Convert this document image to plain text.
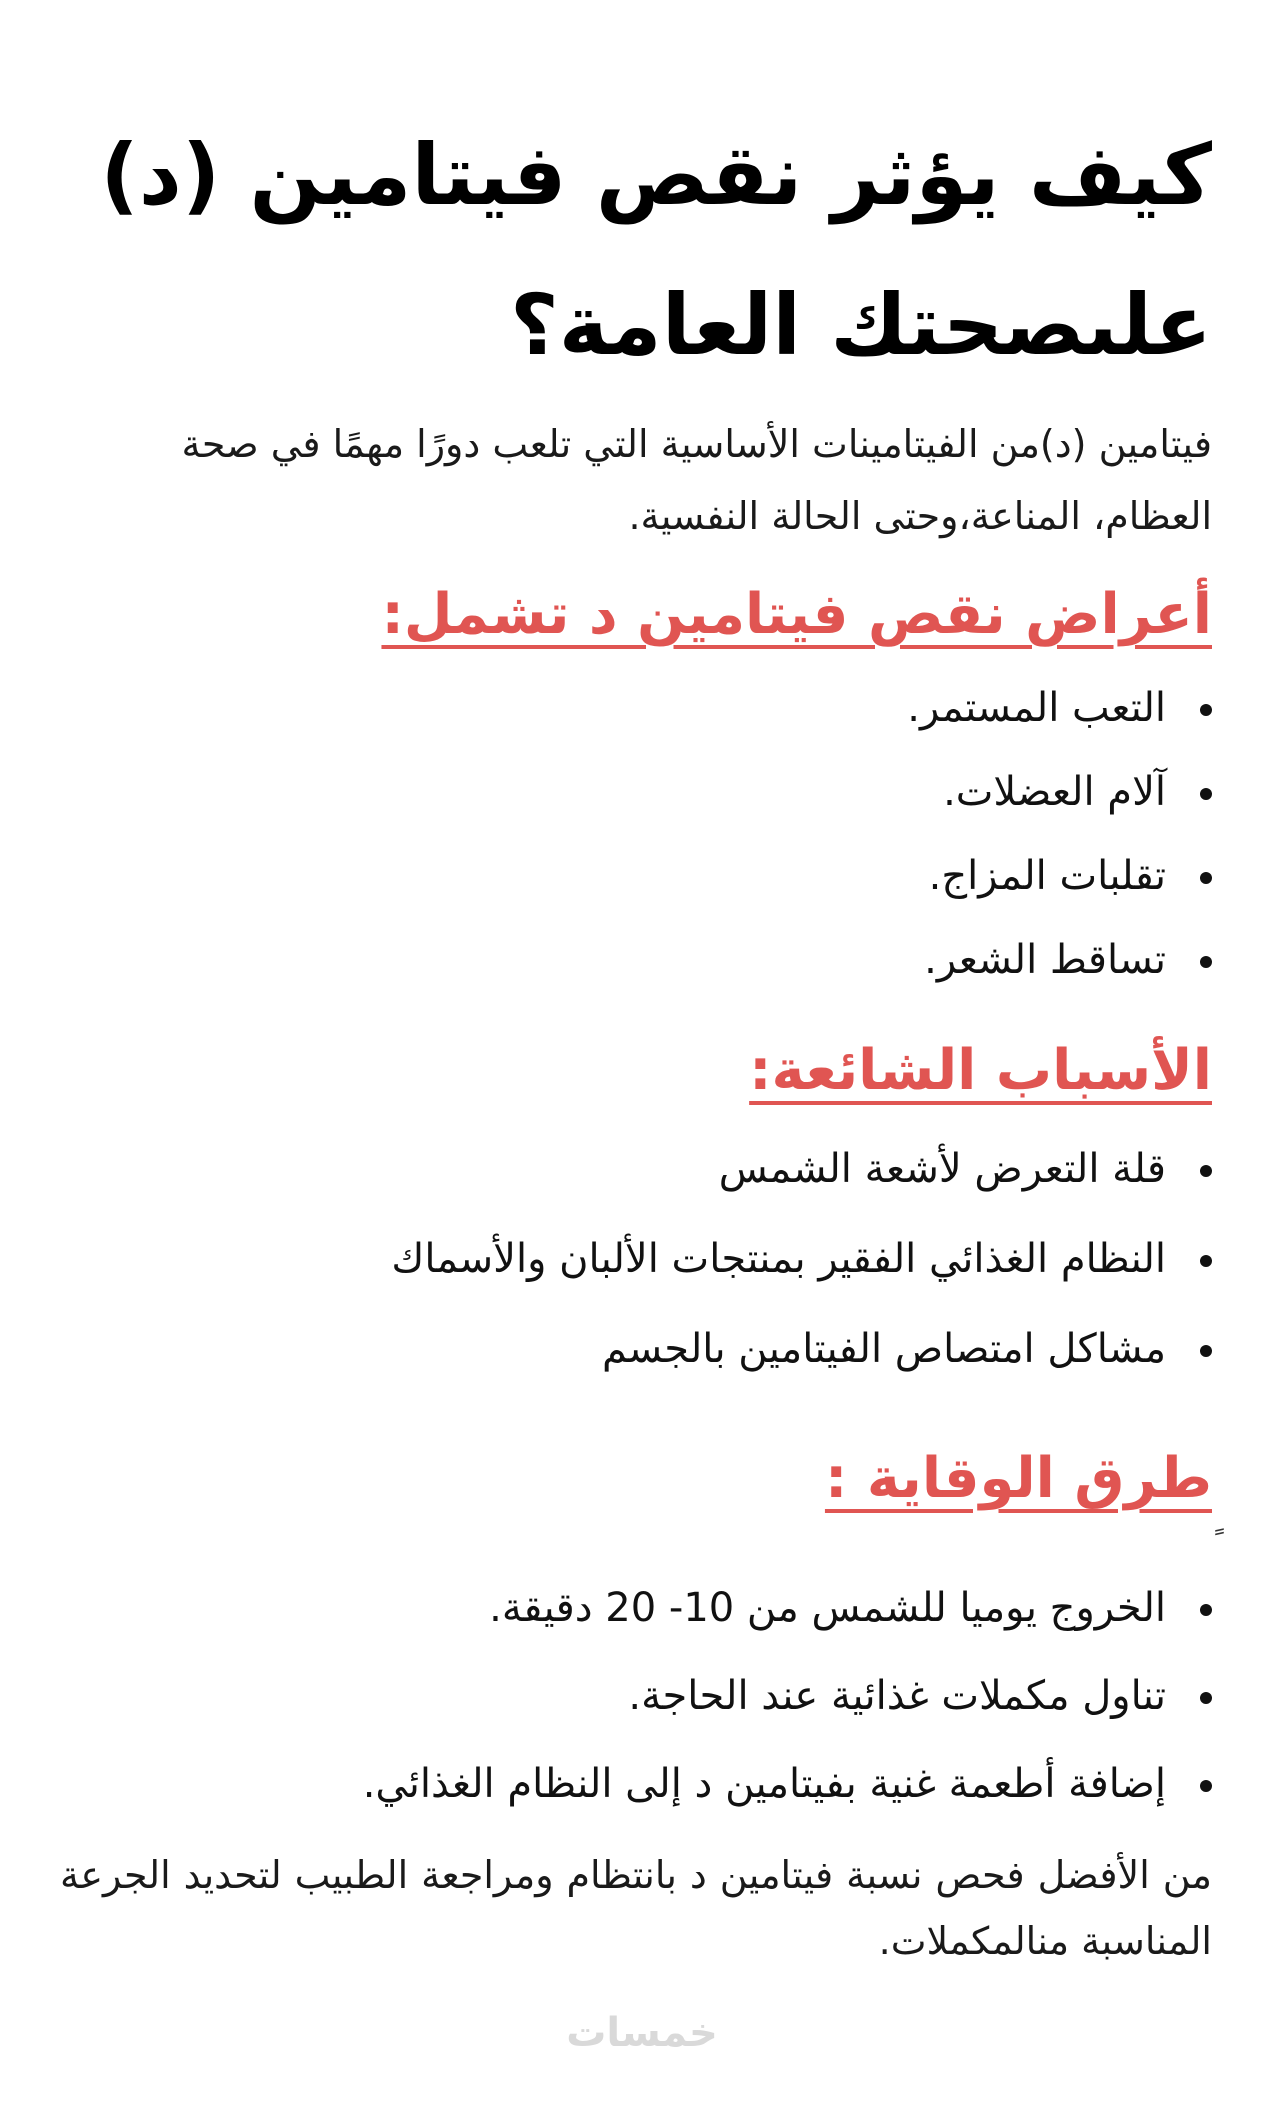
كيف يؤثر نقص فيتامين (د) علىصحتك العامة؟

فيتامين (د)من الفيتامينات الأساسية التي تلعب دورًا مهمًا في صحة العظام، المناعة،وحتى الحالة النفسية.

أعراض نقص فيتامين د تشمل:
التعب المستمر.
آلام العضلات.
تقلبات المزاج.
تساقط الشعر.
الأسباب الشائعة:
قلة التعرض لأشعة الشمس
النظام الغذائي الفقير بمنتجات الألبان والأسماك
مشاكل امتصاص الفيتامين بالجسم
طرق الوقاية :
الخروج يوميا للشمس من 10- 20 دقيقة.
تناول مكملات غذائية عند الحاجة.
إضافة أطعمة غنية بفيتامين د إلى النظام الغذائي.

من الأفضل فحص نسبة فيتامين د بانتظام ومراجعة الطبيب لتحديد الجرعة المناسبة منالمكملات.

خمسات
